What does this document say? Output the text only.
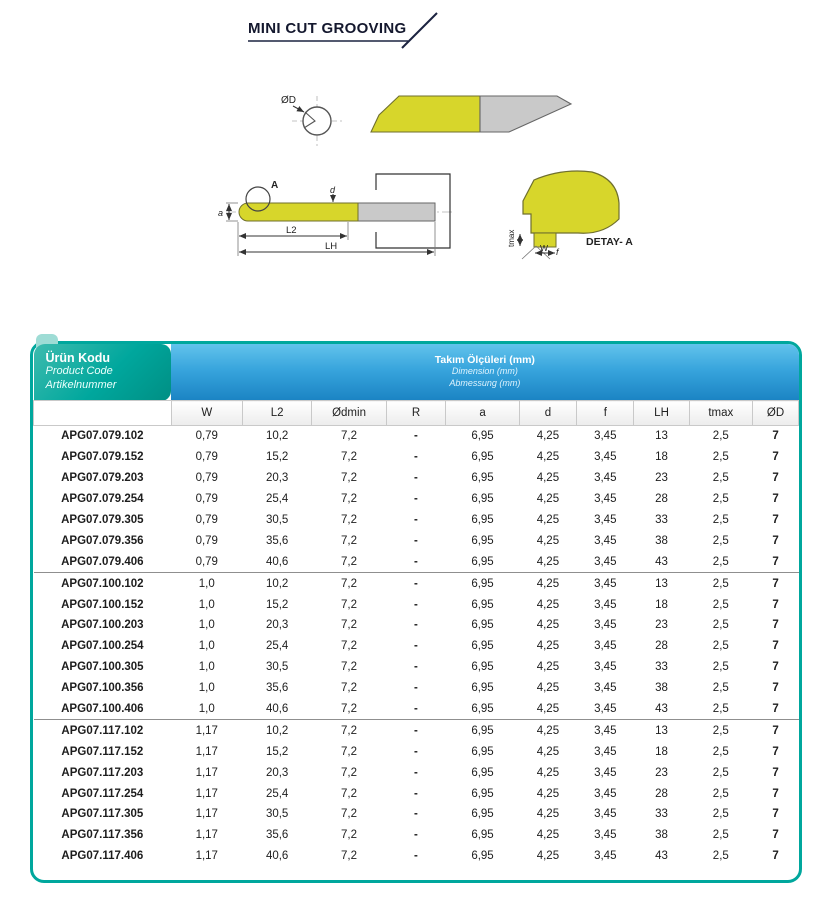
MINI CUT GROOVING
ØD
A
a
d
L2
LH	f
tmax
W	DETAY- A
Ürün Kodu
Product Code
Artikelnummer

Takım Ölçüleri (mm)
Dimension (mm)
Abmessung (mm)

	W	L2	Ødmin	R	a	d	f	LH	tmax	ØD
APG07.079.102	0,79	10,2	7,2	-	6,95	4,25	3,45	13	2,5	7
APG07.079.152	0,79	15,2	7,2	-	6,95	4,25	3,45	18	2,5	7
APG07.079.203	0,79	20,3	7,2	-	6,95	4,25	3,45	23	2,5	7
APG07.079.254	0,79	25,4	7,2	-	6,95	4,25	3,45	28	2,5	7
APG07.079.305	0,79	30,5	7,2	-	6,95	4,25	3,45	33	2,5	7
APG07.079.356	0,79	35,6	7,2	-	6,95	4,25	3,45	38	2,5	7
APG07.079.406	0,79	40,6	7,2	-	6,95	4,25	3,45	43	2,5	7
APG07.100.102	1,0	10,2	7,2	-	6,95	4,25	3,45	13	2,5	7
APG07.100.152	1,0	15,2	7,2	-	6,95	4,25	3,45	18	2,5	7
APG07.100.203	1,0	20,3	7,2	-	6,95	4,25	3,45	23	2,5	7
APG07.100.254	1,0	25,4	7,2	-	6,95	4,25	3,45	28	2,5	7
APG07.100.305	1,0	30,5	7,2	-	6,95	4,25	3,45	33	2,5	7
APG07.100.356	1,0	35,6	7,2	-	6,95	4,25	3,45	38	2,5	7
APG07.100.406	1,0	40,6	7,2	-	6,95	4,25	3,45	43	2,5	7
APG07.117.102	1,17	10,2	7,2	-	6,95	4,25	3,45	13	2,5	7
APG07.117.152	1,17	15,2	7,2	-	6,95	4,25	3,45	18	2,5	7
APG07.117.203	1,17	20,3	7,2	-	6,95	4,25	3,45	23	2,5	7
APG07.117.254	1,17	25,4	7,2	-	6,95	4,25	3,45	28	2,5	7
APG07.117.305	1,17	30,5	7,2	-	6,95	4,25	3,45	33	2,5	7
APG07.117.356	1,17	35,6	7,2	-	6,95	4,25	3,45	38	2,5	7
APG07.117.406	1,17	40,6	7,2	-	6,95	4,25	3,45	43	2,5	7
